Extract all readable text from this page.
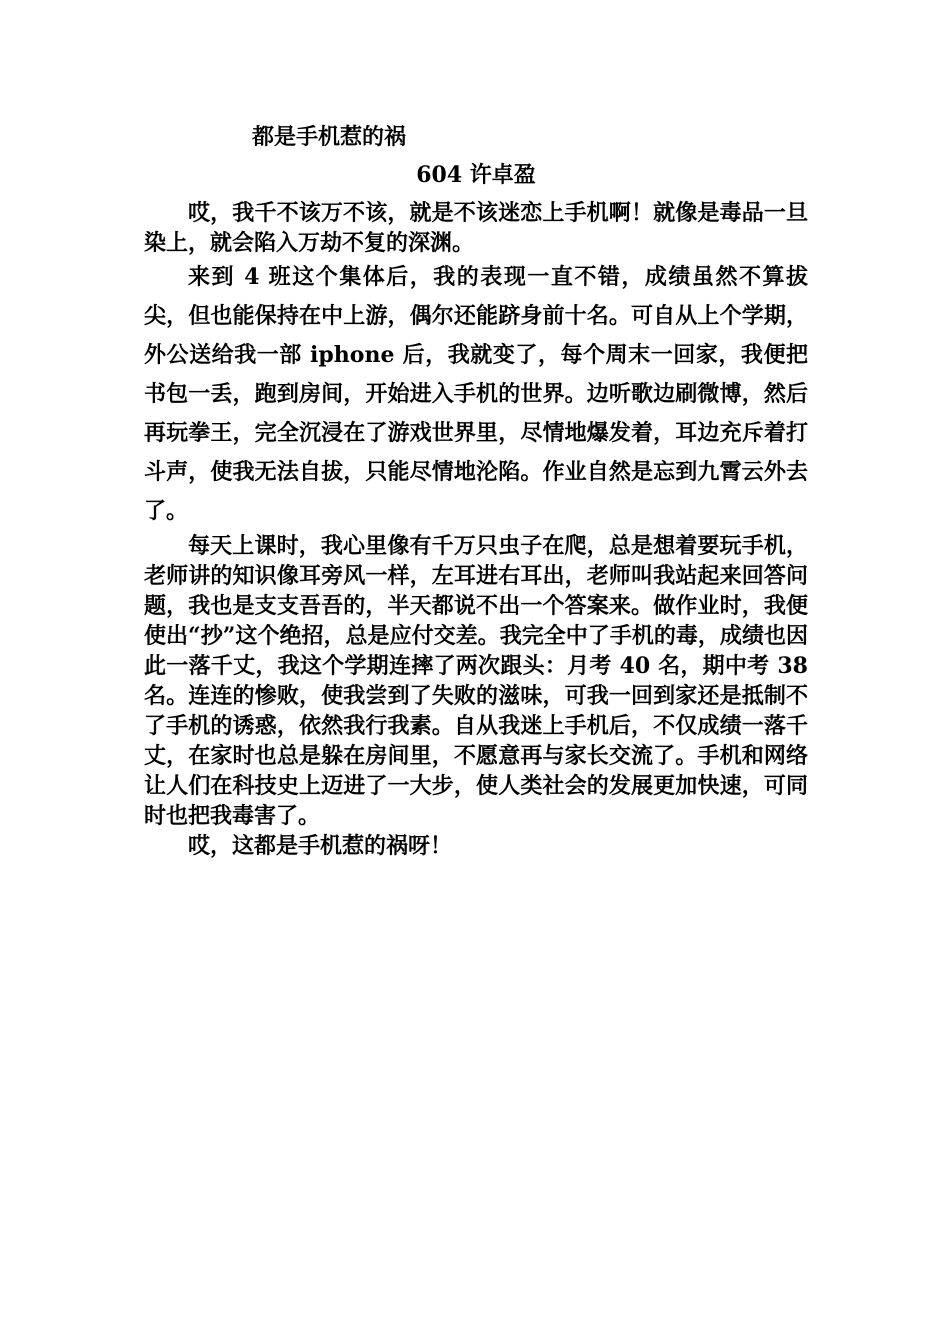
都是手机惹的祸

604 许卓盈

哎，我千不该万不该，就是不该迷恋上手机啊！就像是毒品一旦染上，就会陷入万劫不复的深渊。

来到 4 班这个集体后，我的表现一直不错，成绩虽然不算拔尖，但也能保持在中上游，偶尔还能跻身前十名。可自从上个学期，外公送给我一部 iphone 后，我就变了，每个周末一回家，我便把书包一丢，跑到房间，开始进入手机的世界。边听歌边刷微博，然后再玩拳王，完全沉浸在了游戏世界里，尽情地爆发着，耳边充斥着打斗声，使我无法自拔，只能尽情地沦陷。作业自然是忘到九霄云外去了。

每天上课时，我心里像有千万只虫子在爬，总是想着要玩手机，老师讲的知识像耳旁风一样，左耳进右耳出，老师叫我站起来回答问题，我也是支支吾吾的，半天都说不出一个答案来。做作业时，我便使出“抄”这个绝招，总是应付交差。我完全中了手机的毒，成绩也因此一落千丈，我这个学期连摔了两次跟头：月考 40 名，期中考 38 名。连连的惨败，使我尝到了失败的滋味，可我一回到家还是抵制不了手机的诱惑，依然我行我素。自从我迷上手机后，不仅成绩一落千丈，在家时也总是躲在房间里，不愿意再与家长交流了。手机和网络让人们在科技史上迈进了一大步，使人类社会的发展更加快速，可同时也把我毒害了。

哎，这都是手机惹的祸呀！
